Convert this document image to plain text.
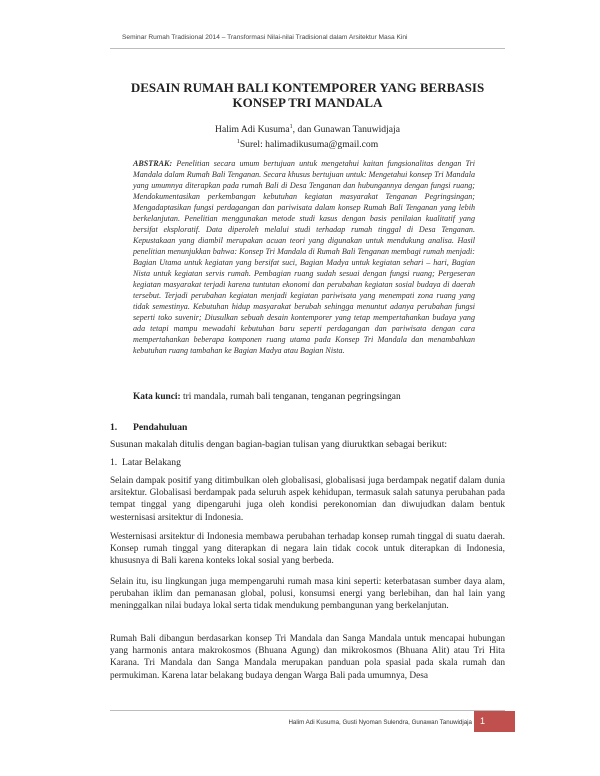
Seminar Rumah Tradisional 2014 – Transformasi Nilai-nilai Tradisional dalam Arsitektur Masa Kini
DESAIN RUMAH BALI KONTEMPORER YANG BERBASIS
KONSEP TRI MANDALA
Halim Adi Kusuma$^1$, dan Gunawan Tanuwidjaja
$^1$Surel: halimadikusuma@gmail.com
ABSTRAK: Penelitian secara umum bertujuan untuk mengetahui kaitan fungsionalitas dengan Tri Mandala dalam Rumah Bali Tenganan. Secara khusus bertujuan untuk: Mengetahui konsep Tri Mandala yang umumnya diterapkan pada rumah Bali di Desa Tenganan dan hubungannya dengan fungsi ruang; Mendokumentasikan perkembangan kebutuhan kegiatan masyarakat Tenganan Pegringsingan; Mengadaptasikan fungsi perdagangan dan pariwisata dalam konsep Rumah Bali Tenganan yang lebih berkelanjutan. Penelitian menggunakan metode studi kasus dengan basis penilaian kualitatif yang bersifat eksploratif. Data diperoleh melalui studi terhadap rumah tinggal di Desa Tenganan. Kepustakaan yang diambil merupakan acuan teori yang digunakan untuk mendukung analisa. Hasil penelitian menunjukkan bahwa: Konsep Tri Mandala di Rumah Bali Tenganan membagi rumah menjadi: Bagian Utama untuk kegiatan yang bersifat suci, Bagian Madya untuk kegiatan sehari – hari, Bagian Nista untuk kegiatan servis rumah. Pembagian ruang sudah sesuai dengan fungsi ruang; Pergeseran kegiatan masyarakat terjadi karena tuntutan ekonomi dan perubahan kegiatan sosial budaya di daerah tersebut. Terjadi perubahan kegiatan menjadi kegiatan pariwisata yang menempati zona ruang yang tidak semestinya. Kebutuhan hidup masyarakat berubah sehingga menuntut adanya perubahan fungsi seperti toko suvenir; Diusulkan sebuah desain kontemporer yang tetap mempertahankan budaya yang ada tetapi mampu mewadahi kebutuhan baru seperti perdagangan dan pariwisata dengan cara mempertahankan beberapa komponen ruang utama pada Konsep Tri Mandala dan menambahkan kebutuhan ruang tambahan ke Bagian Madya atau Bagian Nista.
Kata kunci: tri mandala, rumah bali tenganan, tenganan pegringsingan
1. Pendahuluan
Susunan makalah ditulis dengan bagian-bagian tulisan yang diuruktkan sebagai berikut:
1. Latar Belakang
Selain dampak positif yang ditimbulkan oleh globalisasi, globalisasi juga berdampak negatif dalam dunia arsitektur. Globalisasi berdampak pada seluruh aspek kehidupan, termasuk salah satunya perubahan pada tempat tinggal yang dipengaruhi juga oleh kondisi perekonomian dan diwujudkan dalam bentuk westernisasi arsitektur di Indonesia.
Westernisasi arsitektur di Indonesia membawa perubahan terhadap konsep rumah tinggal di suatu daerah. Konsep rumah tinggal yang diterapkan di negara lain tidak cocok untuk diterapkan di Indonesia, khususnya di Bali karena konteks lokal sosial yang berbeda.
Selain itu, isu lingkungan juga mempengaruhi rumah masa kini seperti: keterbatasan sumber daya alam, perubahan iklim dan pemanasan global, polusi, konsumsi energi yang berlebihan, dan hal lain yang meninggalkan nilai budaya lokal serta tidak mendukung pembangunan yang berkelanjutan.
Rumah Bali dibangun berdasarkan konsep Tri Mandala dan Sanga Mandala untuk mencapai hubungan yang harmonis antara makrokosmos (Bhuana Agung) dan mikrokosmos (Bhuana Alit) atau Tri Hita Karana. Tri Mandala dan Sanga Mandala merupakan panduan pola spasial pada skala rumah dan permukiman. Karena latar belakang budaya dengan Warga Bali pada umumnya, Desa
Halim Adi Kusuma, Gusti Nyoman Sulendra, Gunawan Tanuwidjaja 1
